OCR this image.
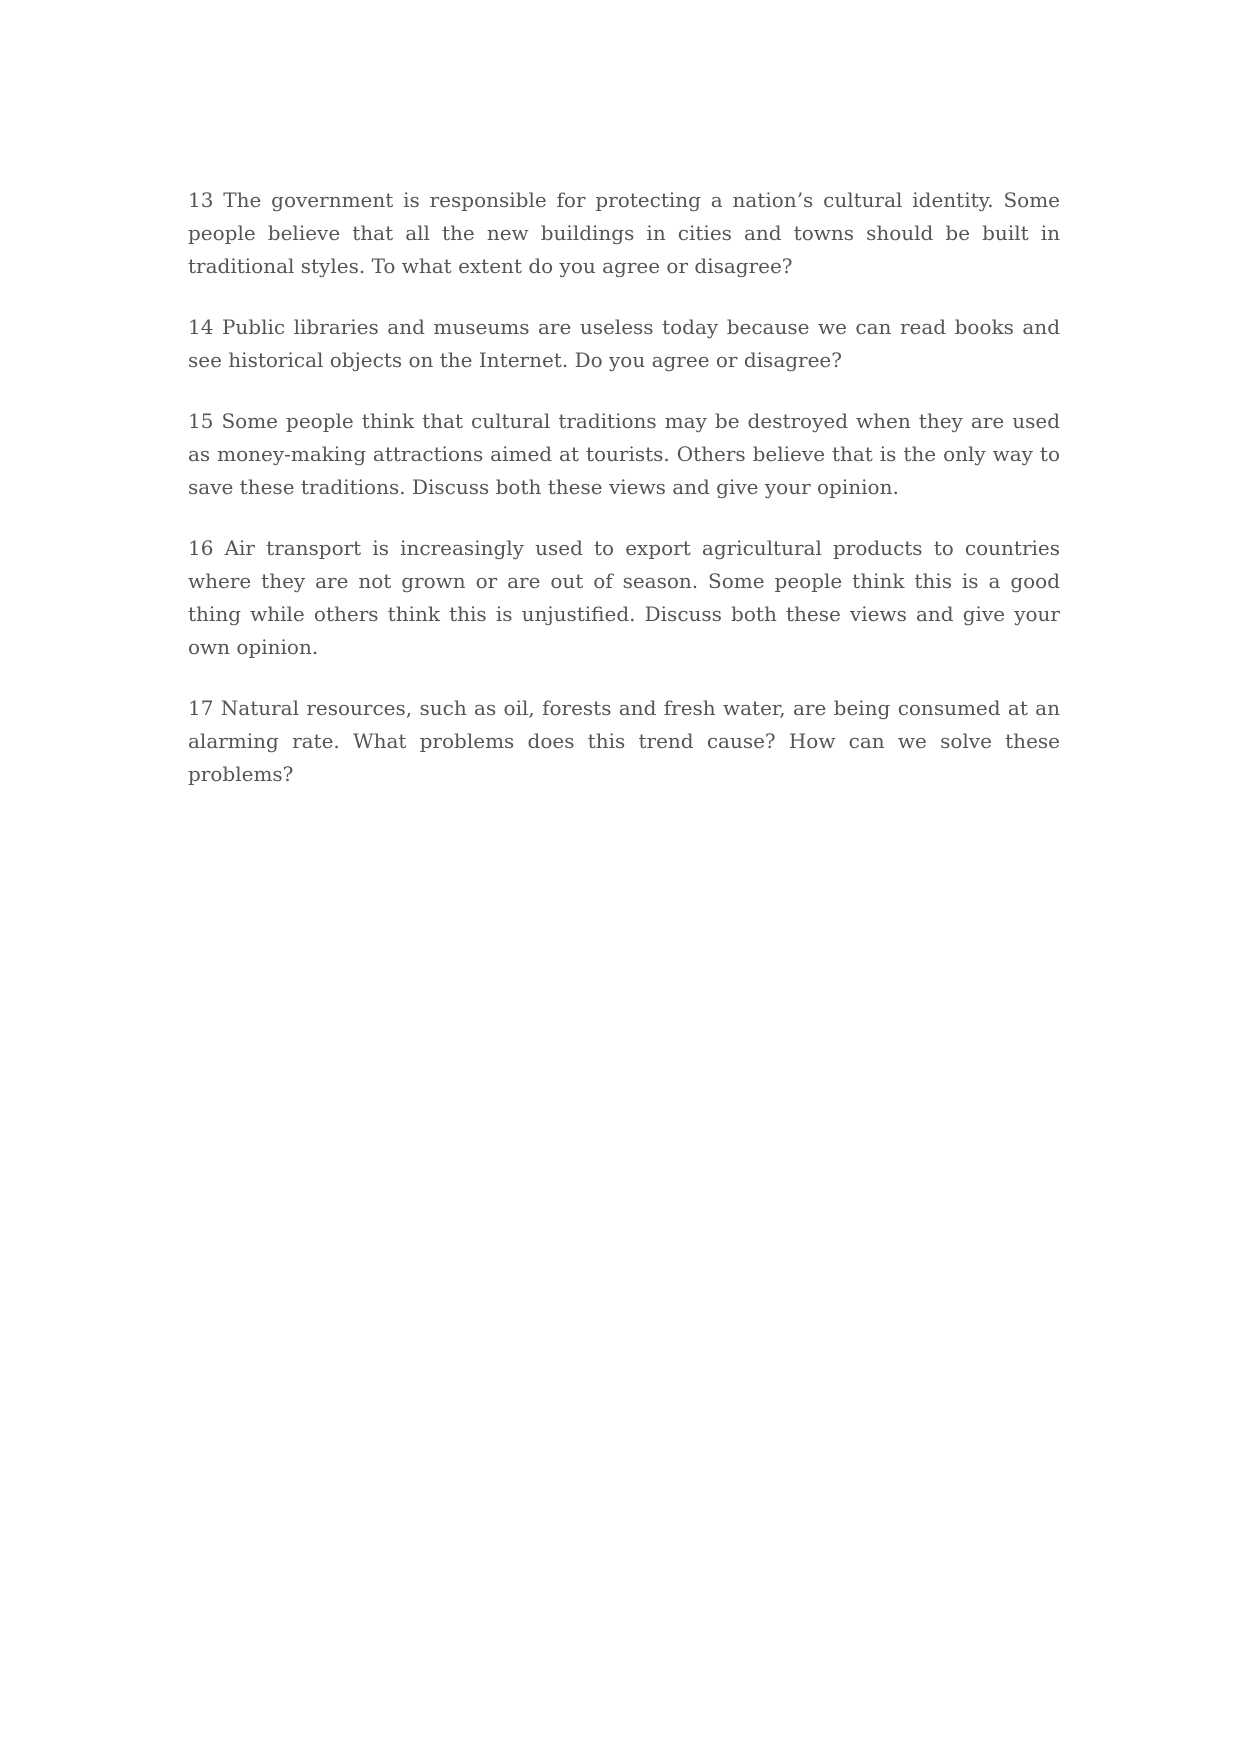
13 The government is responsible for protecting a nation’s cultural identity. Some people believe that all the new buildings in cities and towns should be built in traditional styles. To what extent do you agree or disagree?

14 Public libraries and museums are useless today because we can read books and see historical objects on the Internet. Do you agree or disagree?

15 Some people think that cultural traditions may be destroyed when they are used as money-making attractions aimed at tourists. Others believe that is the only way to save these traditions. Discuss both these views and give your opinion.

16 Air transport is increasingly used to export agricultural products to countries where they are not grown or are out of season. Some people think this is a good thing while others think this is unjustified. Discuss both these views and give your own opinion.

17 Natural resources, such as oil, forests and fresh water, are being consumed at an alarming rate. What problems does this trend cause? How can we solve these problems?
